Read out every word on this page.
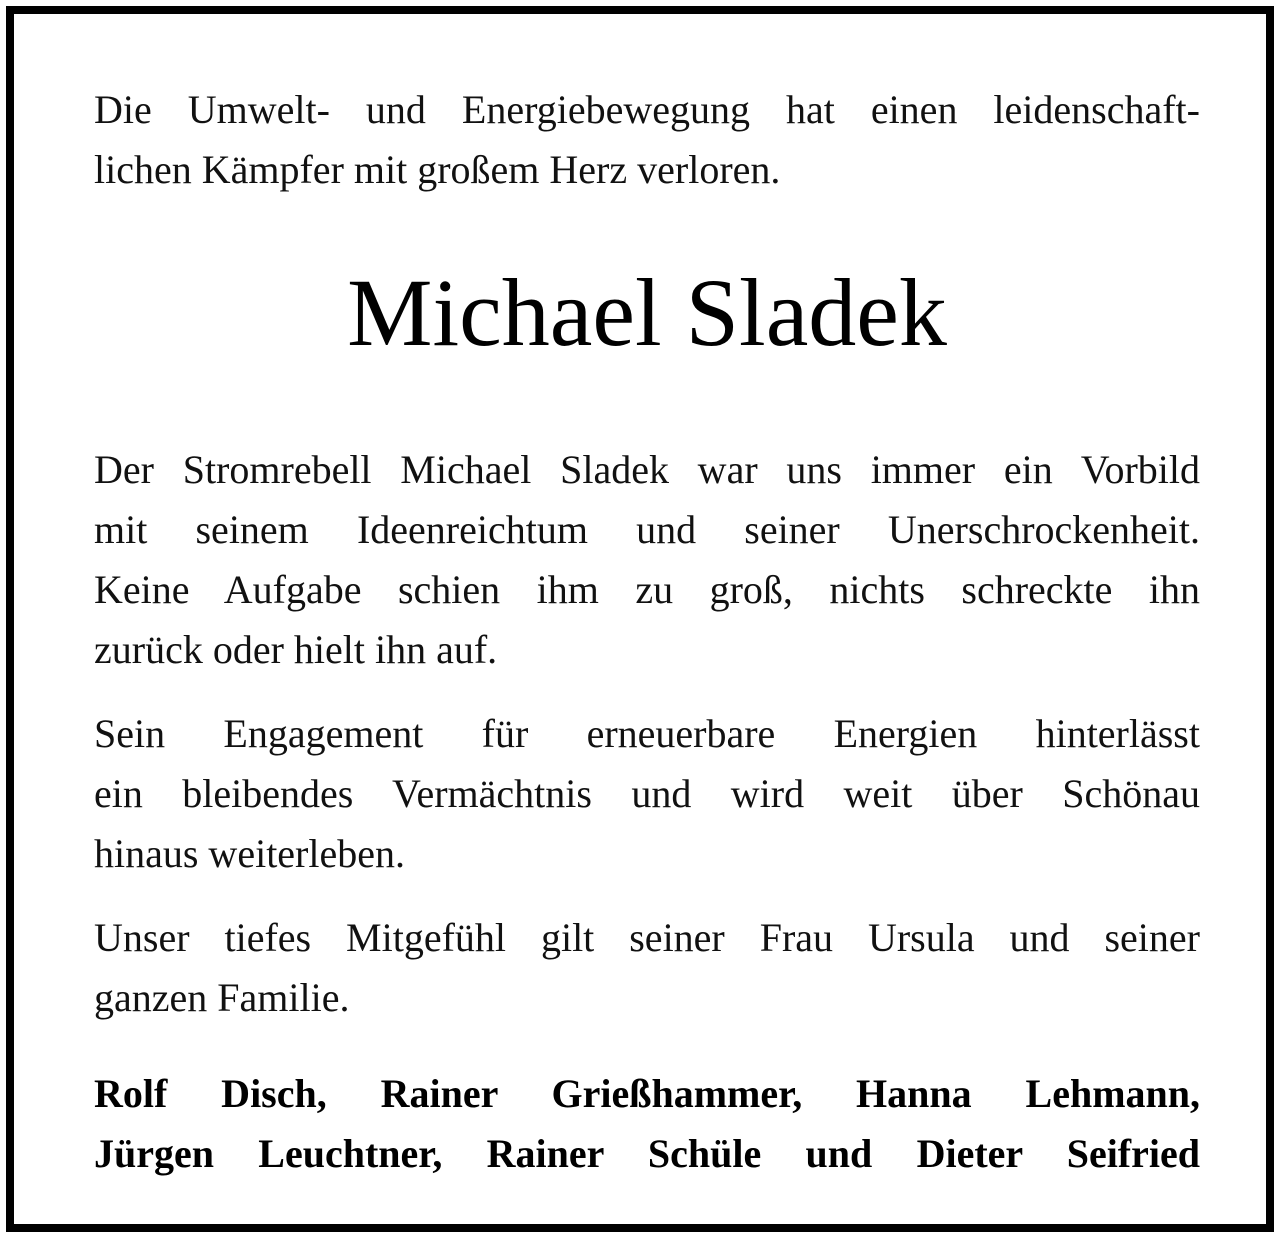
Die Umwelt- und Energiebewegung hat einen leidenschaft-
lichen Kämpfer mit großem Herz verloren.

Michael Sladek

Der Stromrebell Michael Sladek war uns immer ein Vorbild
mit seinem Ideenreichtum und seiner Unerschrockenheit.
Keine Aufgabe schien ihm zu groß, nichts schreckte ihn
zurück oder hielt ihn auf.

Sein Engagement für erneuerbare Energien hinterlässt
ein bleibendes Vermächtnis und wird weit über Schönau
hinaus weiterleben.

Unser tiefes Mitgefühl gilt seiner Frau Ursula und seiner
ganzen Familie.

Rolf Disch, Rainer Grießhammer, Hanna Lehmann,
Jürgen Leuchtner, Rainer Schüle und Dieter Seifried
